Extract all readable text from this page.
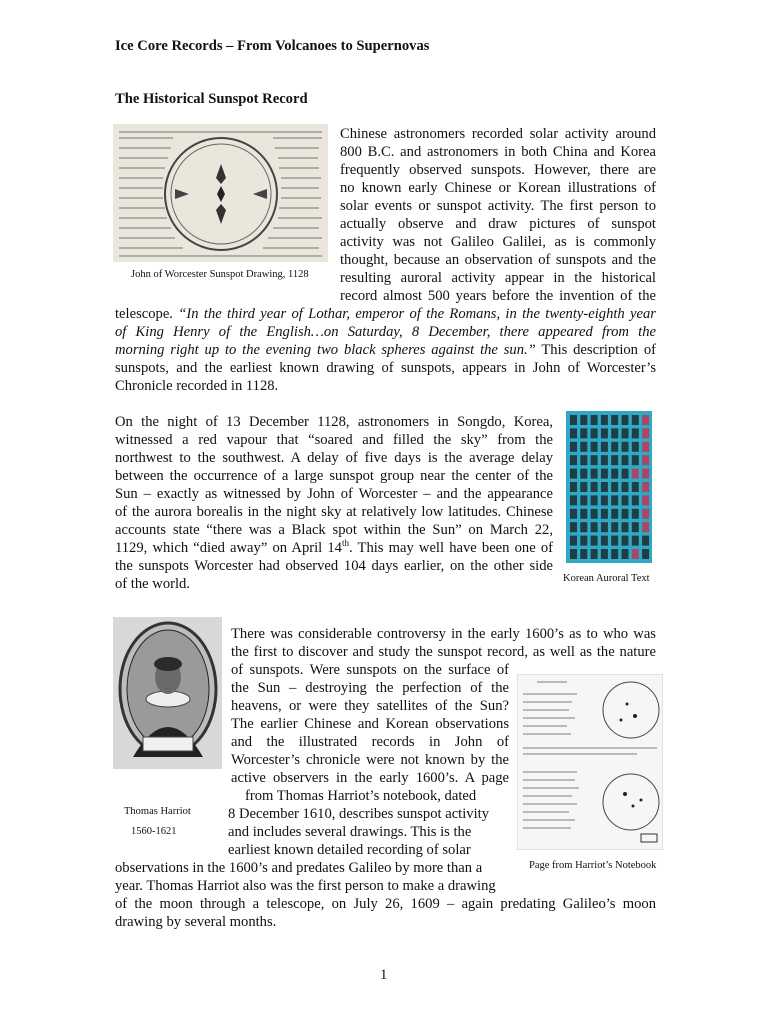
Ice Core Records – From Volcanoes to Supernovas
The Historical Sunspot Record
John of Worcester Sunspot Drawing, 1128
Chinese astronomers recorded solar activity around
800 B.C. and astronomers in both China and Korea
frequently observed sunspots. However, there are
no known early Chinese or Korean illustrations of
solar events or sunspot activity. The first person to
actually observe and draw pictures of sunspot
activity was not Galileo Galilei, as is commonly
thought, because an observation of sunspots and the
resulting auroral activity appear in the historical
record almost 500 years before the invention of the
telescope. “In the third year of Lothar, emperor of the Romans, in the twenty-eighth year
of King Henry of the English…on Saturday, 8 December, there appeared from the
morning right up to the evening two black spheres against the sun.” This description of
sunspots, and the earliest known drawing of sunspots, appears in John of Worcester’s
Chronicle recorded in 1128.
On the night of 13 December 1128, astronomers in Songdo, Korea,
witnessed a red vapour that “soared and filled the sky” from the
northwest to the southwest. A delay of five days is the average delay
between the occurrence of a large sunspot group near the center of the
Sun – exactly as witnessed by John of Worcester – and the appearance
of the aurora borealis in the night sky at relatively low latitudes. Chinese
accounts state “there was a Black spot within the Sun” on March 22,
1129, which “died away” on April 14th. This may well have been one of
the sunspots Worcester had observed 104 days earlier, on the other side
of the world.	Korean Auroral Text
Thomas Harriot
1560-1621
There was considerable controversy in the early 1600’s as to who was
the first to discover and study the sunspot record, as well as the nature
of sunspots. Were sunspots on the surface of
the Sun – destroying the perfection of the
heavens, or were they satellites of the Sun?
The earlier Chinese and Korean observations
and the illustrated records in John of
Worcester’s chronicle were not known by the
active observers in the early 1600’s. A page
from Thomas Harriot’s notebook, dated
8 December 1610, describes sunspot activity
and includes several drawings. This is the
earliest known detailed recording of solar
observations in the 1600’s and predates Galileo by more than a
year. Thomas Harriot also was the first person to make a drawing
of the moon through a telescope, on July 26, 1609 – again predating Galileo’s moon
drawing by several months.
Page from Harriot’s Notebook
1
